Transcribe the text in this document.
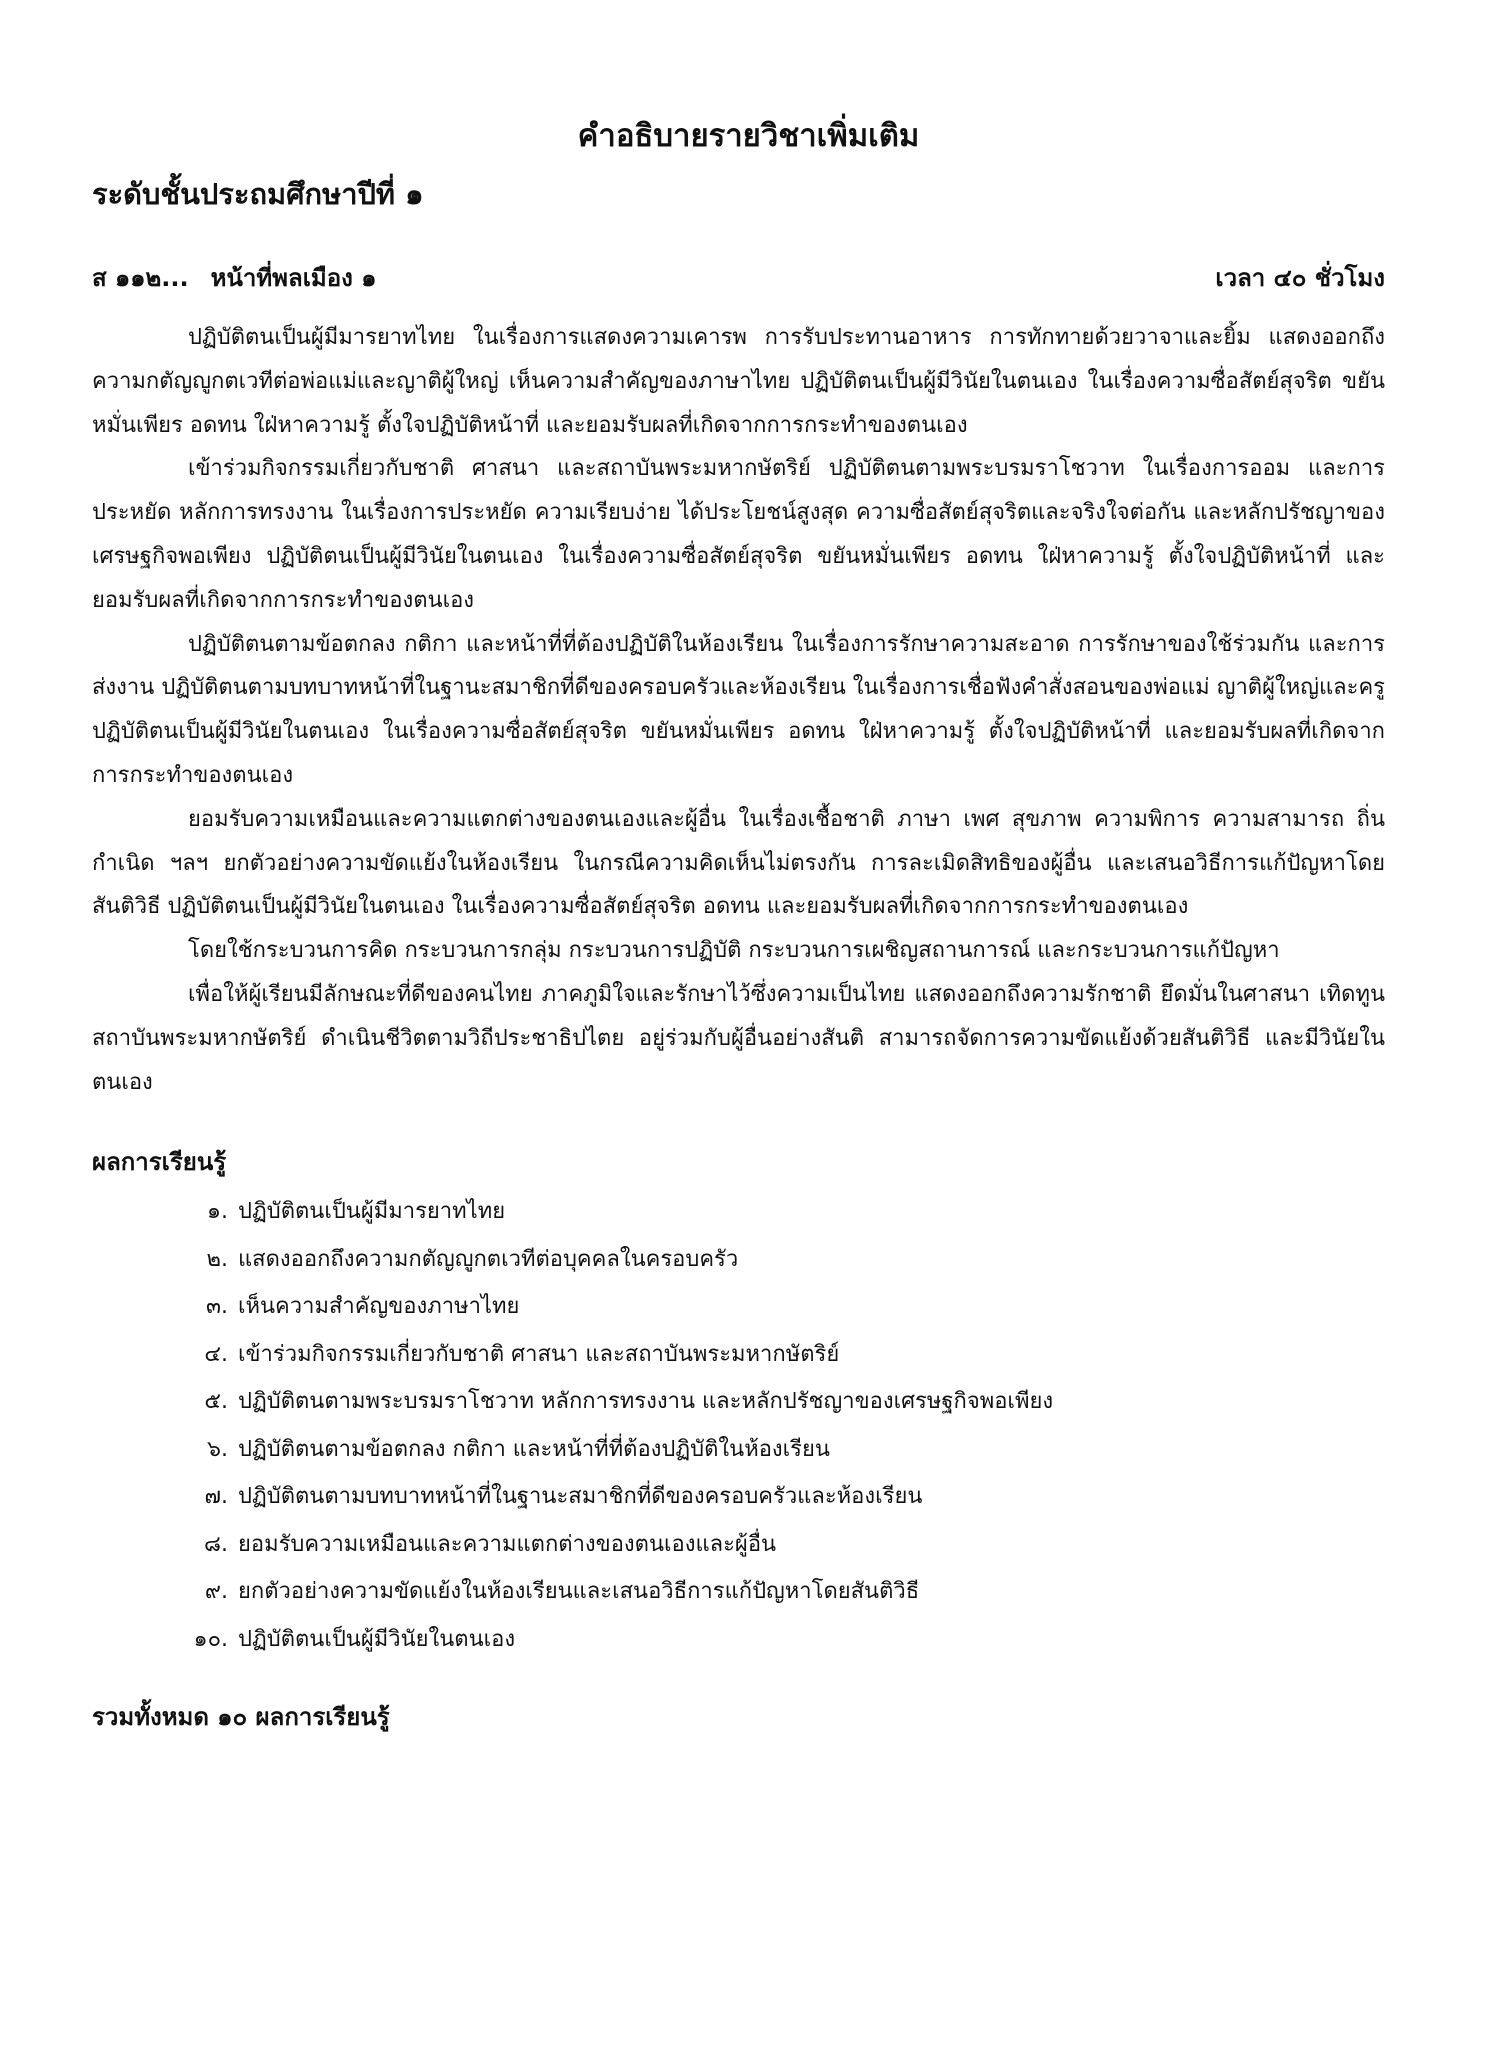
คำอธิบายรายวิชาเพิ่มเติม
ระดับชั้นประถมศึกษาปีที่ ๑
ส ๑๑๒... หน้าที่พลเมือง ๑	เวลา ๔๐ ชั่วโมง

ปฏิบัติตนเป็นผู้มีมารยาทไทย ในเรื่องการแสดงความเคารพ การรับประทานอาหาร การทักทายด้วยวาจาและยิ้ม แสดงออกถึงความกตัญญูกตเวทีต่อพ่อแม่และญาติผู้ใหญ่ เห็นความสำคัญของภาษาไทย ปฏิบัติตนเป็นผู้มีวินัยในตนเอง ในเรื่องความซื่อสัตย์สุจริต ขยันหมั่นเพียร อดทน ใฝ่หาความรู้ ตั้งใจปฏิบัติหน้าที่ และยอมรับผลที่เกิดจากการกระทำของตนเอง

เข้าร่วมกิจกรรมเกี่ยวกับชาติ ศาสนา และสถาบันพระมหากษัตริย์ ปฏิบัติตนตามพระบรมราโชวาท ในเรื่องการออม และการประหยัด หลักการทรงงาน ในเรื่องการประหยัด ความเรียบง่าย ได้ประโยชน์สูงสุด ความซื่อสัตย์สุจริตและจริงใจต่อกัน และหลักปรัชญาของเศรษฐกิจพอเพียง ปฏิบัติตนเป็นผู้มีวินัยในตนเอง ในเรื่องความซื่อสัตย์สุจริต ขยันหมั่นเพียร อดทน ใฝ่หาความรู้ ตั้งใจปฏิบัติหน้าที่ และยอมรับผลที่เกิดจากการกระทำของตนเอง

ปฏิบัติตนตามข้อตกลง กติกา และหน้าที่ที่ต้องปฏิบัติในห้องเรียน ในเรื่องการรักษาความสะอาด การรักษาของใช้ร่วมกัน และการส่งงาน ปฏิบัติตนตามบทบาทหน้าที่ในฐานะสมาชิกที่ดีของครอบครัวและห้องเรียน ในเรื่องการเชื่อฟังคำสั่งสอนของพ่อแม่ ญาติผู้ใหญ่และครู ปฏิบัติตนเป็นผู้มีวินัยในตนเอง ในเรื่องความซื่อสัตย์สุจริต ขยันหมั่นเพียร อดทน ใฝ่หาความรู้ ตั้งใจปฏิบัติหน้าที่ และยอมรับผลที่เกิดจากการกระทำของตนเอง

ยอมรับความเหมือนและความแตกต่างของตนเองและผู้อื่น ในเรื่องเชื้อชาติ ภาษา เพศ สุขภาพ ความพิการ ความสามารถ ถิ่นกำเนิด ฯลฯ ยกตัวอย่างความขัดแย้งในห้องเรียน ในกรณีความคิดเห็นไม่ตรงกัน การละเมิดสิทธิของผู้อื่น และเสนอวิธีการแก้ปัญหาโดยสันติวิธี ปฏิบัติตนเป็นผู้มีวินัยในตนเอง ในเรื่องความซื่อสัตย์สุจริต อดทน และยอมรับผลที่เกิดจากการกระทำของตนเอง

โดยใช้กระบวนการคิด กระบวนการกลุ่ม กระบวนการปฏิบัติ กระบวนการเผชิญสถานการณ์ และกระบวนการแก้ปัญหา

เพื่อให้ผู้เรียนมีลักษณะที่ดีของคนไทย ภาคภูมิใจและรักษาไว้ซึ่งความเป็นไทย แสดงออกถึงความรักชาติ ยึดมั่นในศาสนา เทิดทูนสถาบันพระมหากษัตริย์ ดำเนินชีวิตตามวิถีประชาธิปไตย อยู่ร่วมกับผู้อื่นอย่างสันติ สามารถจัดการความขัดแย้งด้วยสันติวิธี และมีวินัยในตนเอง

ผลการเรียนรู้
๑. ปฏิบัติตนเป็นผู้มีมารยาทไทย
๒. แสดงออกถึงความกตัญญูกตเวทีต่อบุคคลในครอบครัว
๓. เห็นความสำคัญของภาษาไทย
๔. เข้าร่วมกิจกรรมเกี่ยวกับชาติ ศาสนา และสถาบันพระมหากษัตริย์
๕. ปฏิบัติตนตามพระบรมราโชวาท หลักการทรงงาน และหลักปรัชญาของเศรษฐกิจพอเพียง
๖. ปฏิบัติตนตามข้อตกลง กติกา และหน้าที่ที่ต้องปฏิบัติในห้องเรียน
๗. ปฏิบัติตนตามบทบาทหน้าที่ในฐานะสมาชิกที่ดีของครอบครัวและห้องเรียน
๘. ยอมรับความเหมือนและความแตกต่างของตนเองและผู้อื่น
๙. ยกตัวอย่างความขัดแย้งในห้องเรียนและเสนอวิธีการแก้ปัญหาโดยสันติวิธี
๑๐. ปฏิบัติตนเป็นผู้มีวินัยในตนเอง
รวมทั้งหมด ๑๐ ผลการเรียนรู้
